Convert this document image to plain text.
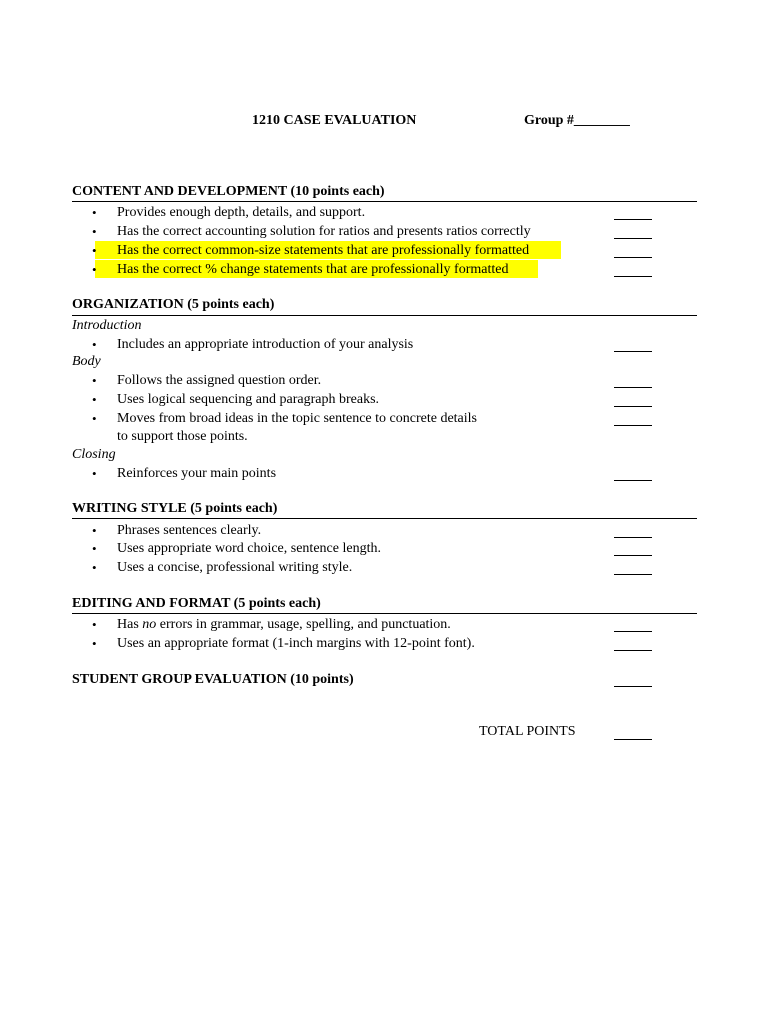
1210 CASE EVALUATION	Group #________
CONTENT AND DEVELOPMENT (10 points each)
• Provides enough depth, details, and support.
• Has the correct accounting solution for ratios and presents ratios correctly
• Has the correct common-size statements that are professionally formatted
• Has the correct % change statements that are professionally formatted
ORGANIZATION (5 points each)
Introduction
• Includes an appropriate introduction of your analysis
Body
• Follows the assigned question order.
• Uses logical sequencing and paragraph breaks.
• Moves from broad ideas in the topic sentence to concrete details
to support those points.
Closing
• Reinforces your main points
WRITING STYLE (5 points each)
• Phrases sentences clearly.
• Uses appropriate word choice, sentence length.
• Uses a concise, professional writing style.
EDITING AND FORMAT (5 points each)
• Has no errors in grammar, usage, spelling, and punctuation.
• Uses an appropriate format (1-inch margins with 12-point font).
STUDENT GROUP EVALUATION (10 points)
TOTAL POINTS
